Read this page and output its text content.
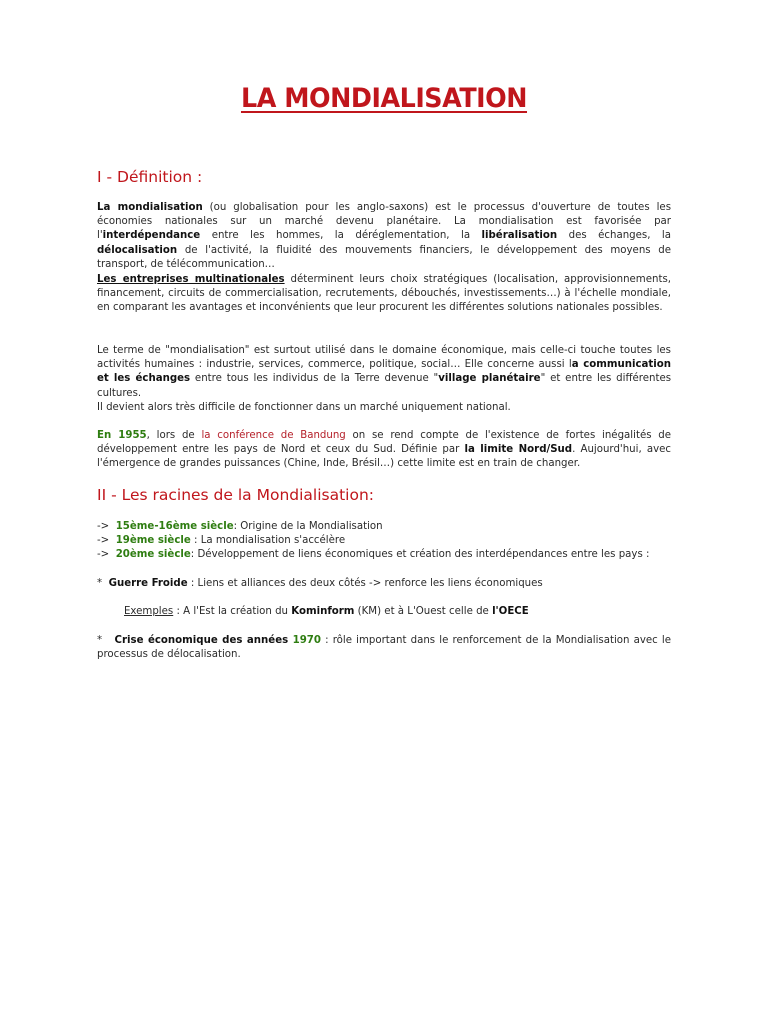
LA MONDIALISATION
I - Définition :
La mondialisation (ou globalisation pour les anglo-saxons) est le processus d'ouverture de toutes les économies nationales sur un marché devenu planétaire. La mondialisation est favorisée par l'interdépendance entre les hommes, la déréglementation, la libéralisation des échanges, la délocalisation de l'activité, la fluidité des mouvements financiers, le développement des moyens de transport, de télécommunication…
Les entreprises multinationales déterminent leurs choix stratégiques (localisation, approvisionnements, financement, circuits de commercialisation, recrutements, débouchés, investissements…) à l'échelle mondiale, en comparant les avantages et inconvénients que leur procurent les différentes solutions nationales possibles.
Le terme de "mondialisation" est surtout utilisé dans le domaine économique, mais celle-ci touche toutes les activités humaines : industrie, services, commerce, politique, social… Elle concerne aussi la communication et les échanges entre tous les individus de la Terre devenue "village planétaire" et entre les différentes cultures.
Il devient alors très difficile de fonctionner dans un marché uniquement national.
En 1955, lors de la conférence de Bandung on se rend compte de l'existence de fortes inégalités de développement entre les pays de Nord et ceux du Sud. Définie par la limite Nord/Sud. Aujourd'hui, avec l'émergence de grandes puissances (Chine, Inde, Brésil…) cette limite est en train de changer.
II - Les racines de la Mondialisation:
-> 15ème-16ème siècle: Origine de la Mondialisation
-> 19ème siècle : La mondialisation s'accélère
-> 20ème siècle: Développement de liens économiques et création des interdépendances entre les pays :
* Guerre Froide : Liens et alliances des deux côtés -> renforce les liens économiques
Exemples : A l'Est la création du Kominform (KM) et à L'Ouest celle de l'OECE
* Crise économique des années 1970 : rôle important dans le renforcement de la Mondialisation avec le processus de délocalisation.
